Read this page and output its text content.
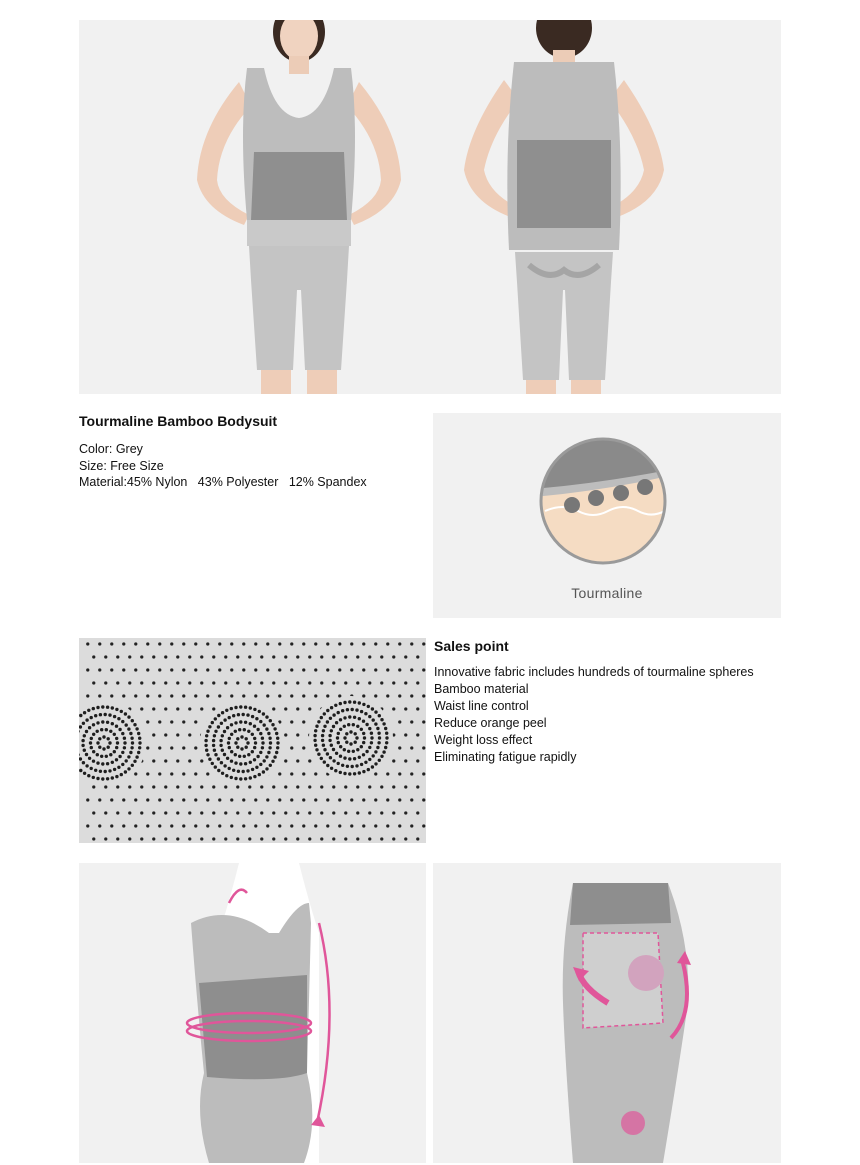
Tourmaline Bamboo Bodysuit
Color: Grey
Size: Free Size
Material:45% Nylon   43% Polyester   12% Spandex
Tourmaline
Sales point
Innovative fabric includes hundreds of tourmaline spheres
Bamboo material
Waist line control
Reduce orange peel
Weight loss effect
Eliminating fatigue rapidly
